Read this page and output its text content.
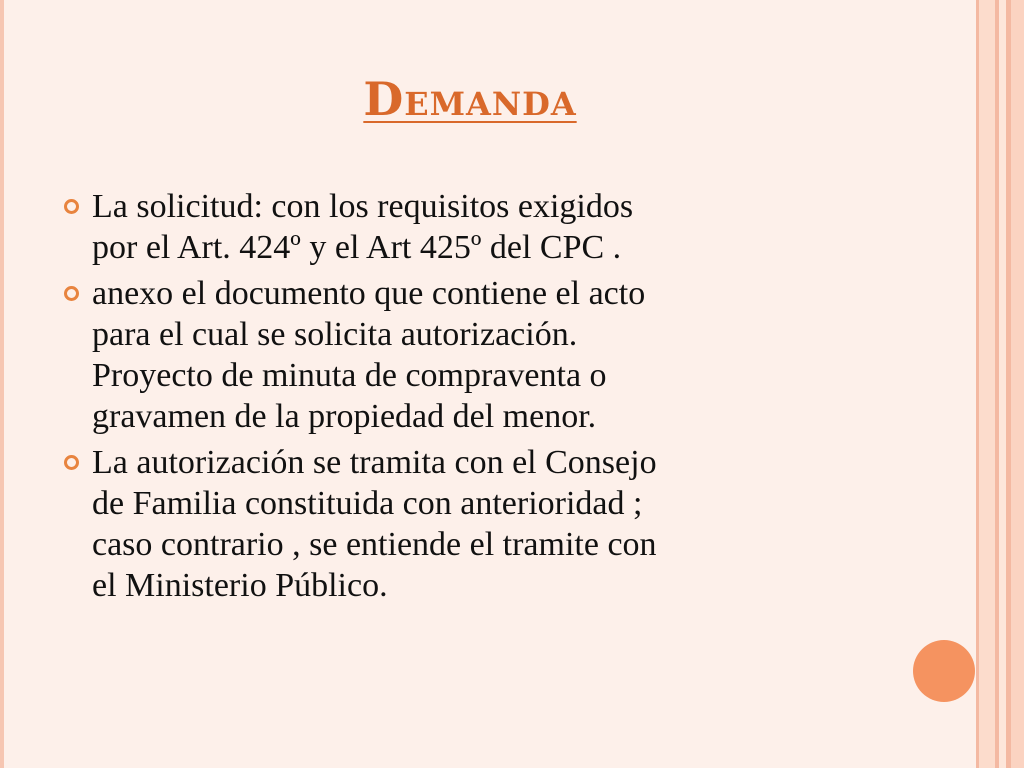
Demanda
La solicitud: con los requisitos exigidos
por el Art. 424º y el Art 425º del CPC .
anexo el documento que contiene el acto
para el cual se solicita autorización.
Proyecto de minuta de compraventa o
gravamen de la propiedad del menor.
La autorización se tramita con el Consejo
de Familia constituida con anterioridad ;
caso contrario , se entiende el tramite con
el Ministerio Público.
